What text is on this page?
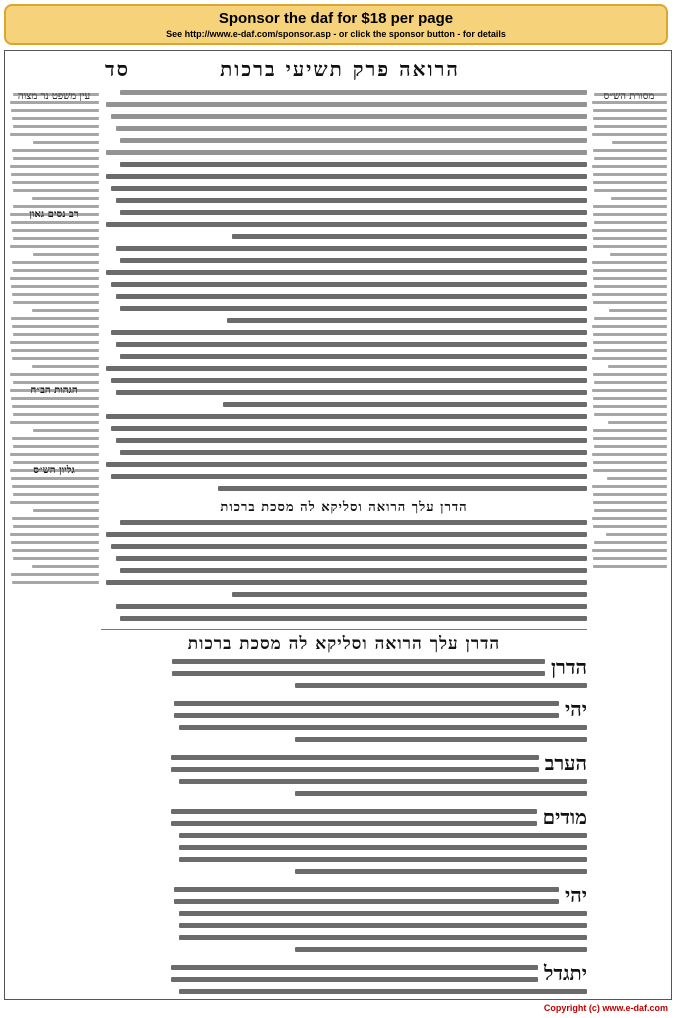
Sponsor the daf for $18 per page
See http://www.e-daf.com/sponsor.asp - or click the sponsor button - for details
הרואה פרק תשיעי ברכות
סד
מסורת הש״ס
עין משפט נר מצוה
רב נסים גאון
הגהות הב״ח
גליון הש״ס
הדרן עלך הרואה וסליקא לה מסכת ברכות
הדרן עלך הרואה וסליקא לה מסכת ברכות
הדרן
יהי
הערב
מודים
יהי
יתגדל
Copyright (c) www.e-daf.com
